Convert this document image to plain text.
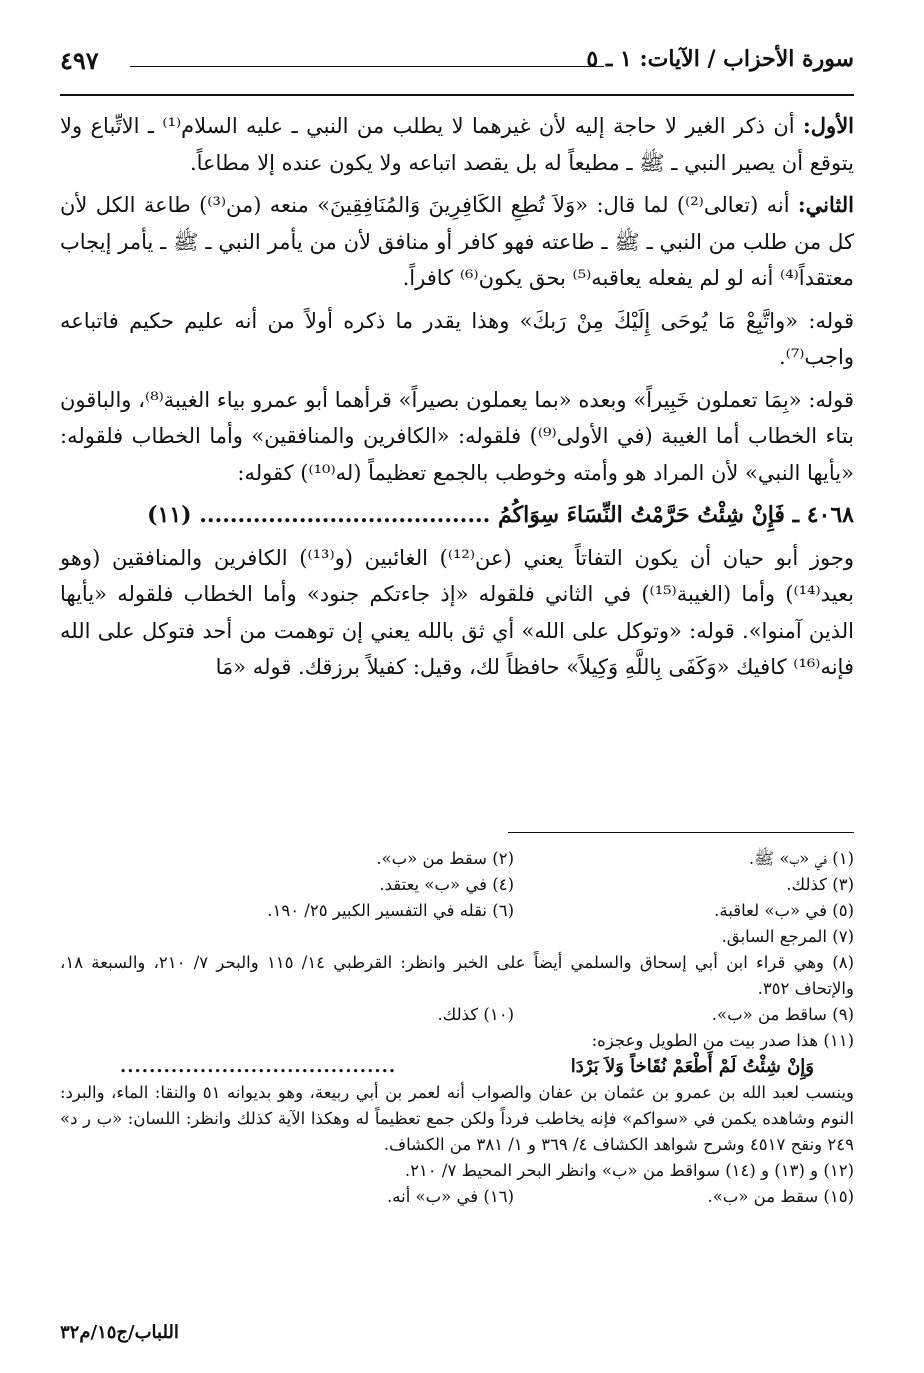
٤٩٧	سورة الأحزاب / الآيات: ١ ـ ٥

الأول: أن ذكر الغير لا حاجة إليه لأن غيرهما لا يطلب من النبي ـ عليه السلام⁽¹⁾ ـ الاتِّباع ولا يتوقع أن يصير النبي ـ ﷺ ـ مطيعاً له بل يقصد اتباعه ولا يكون عنده إلا مطاعاً.

الثاني: أنه (تعالى⁽²⁾) لما قال: «وَلاَ تُطِعِ الكَافِرِينَ وَالمُنَافِقِينَ» منعه (من⁽³⁾) طاعة الكل لأن كل من طلب من النبي ـ ﷺ ـ طاعته فهو كافر أو منافق لأن من يأمر النبي ـ ﷺ ـ يأمر إيجاب معتقداً⁽⁴⁾ أنه لو لم يفعله يعاقبه⁽⁵⁾ بحق يكون⁽⁶⁾ كافراً.

قوله: «واتَّبِعْ مَا يُوحَى إِلَيْكَ مِنْ رَبكَ» وهذا يقدر ما ذكره أولاً من أنه عليم حكيم فاتباعه واجب⁽⁷⁾.

قوله: «بِمَا تعملون خَبِيراً» وبعده «بما يعملون بصيراً» قرأهما أبو عمرو بياء الغيبة⁽⁸⁾، والباقون بتاء الخطاب أما الغيبة (في الأولى⁽⁹⁾) فلقوله: «الكافرين والمنافقين» وأما الخطاب فلقوله: «يأيها النبي» لأن المراد هو وأمته وخوطب بالجمع تعظيماً (له⁽¹⁰⁾) كقوله:

٤٠٦٨ ـ فَإِنْ شِئْتُ حَرَّمْتُ النِّسَاءَ سِوَاكُمُ ...................................... (١١)

وجوز أبو حيان أن يكون التفاتاً يعني (عن⁽¹²⁾) الغائبين (و⁽¹³⁾) الكافرين والمنافقين (وهو بعيد⁽¹⁴⁾) وأما (الغيبة⁽¹⁵⁾) في الثاني فلقوله «إذ جاءتكم جنود» وأما الخطاب فلقوله «يأيها الذين آمنوا». قوله: «وتوكل على الله» أي ثق بالله يعني إن توهمت من أحد فتوكل على الله فإنه⁽¹⁶⁾ كافيك «وَكَفَى بِاللَّهِ وَكِيلاً» حافظاً لك، وقيل: كفيلاً برزقك. قوله «مَا

(١) في «ب» ﷺ.
(٢) سقط من «ب».
(٣) كذلك.
(٤) في «ب» يعتقد.
(٥) في «ب» لعاقبة.
(٦) نقله في التفسير الكبير ٢٥/ ١٩٠.
(٧) المرجع السابق.
(٨) وهي قراء ابن أبي إسحاق والسلمي أيضاً على الخبر وانظر: القرطبي ١٤/ ١١٥ والبحر ٧/ ٢١٠، والسبعة ١٨، والإتحاف ٣٥٢.
(٩) ساقط من «ب».
(١٠) كذلك.
(١١) هذا صدر بيت من الطويل وعجزه:
وَإِنْ شِئْتُ لَمْ أَطْعَمْ نُقَاخاً وَلاَ بَرْدَا
......................................
وينسب لعبد الله بن عمرو بن عثمان بن عفان والصواب أنه لعمر بن أبي ربيعة، وهو بديوانه ٥١ والنقا: الماء، والبرد: النوم وشاهده يكمن في «سواكم» فإنه يخاطب فرداً ولكن جمع تعظيماً له وهكذا الآية كذلك وانظر: اللسان: «ب ر د» ٢٤٩ ونقح ٤٥١٧ وشرح شواهد الكشاف ٤/ ٣٦٩ و ١/ ٣٨١ من الكشاف.
(١٢) و (١٣) و (١٤) سواقط من «ب» وانظر البحر المحيط ٧/ ٢١٠.
(١٥) سقط من «ب».
(١٦) في «ب» أنه.
اللباب/ج١٥/م٣٢
